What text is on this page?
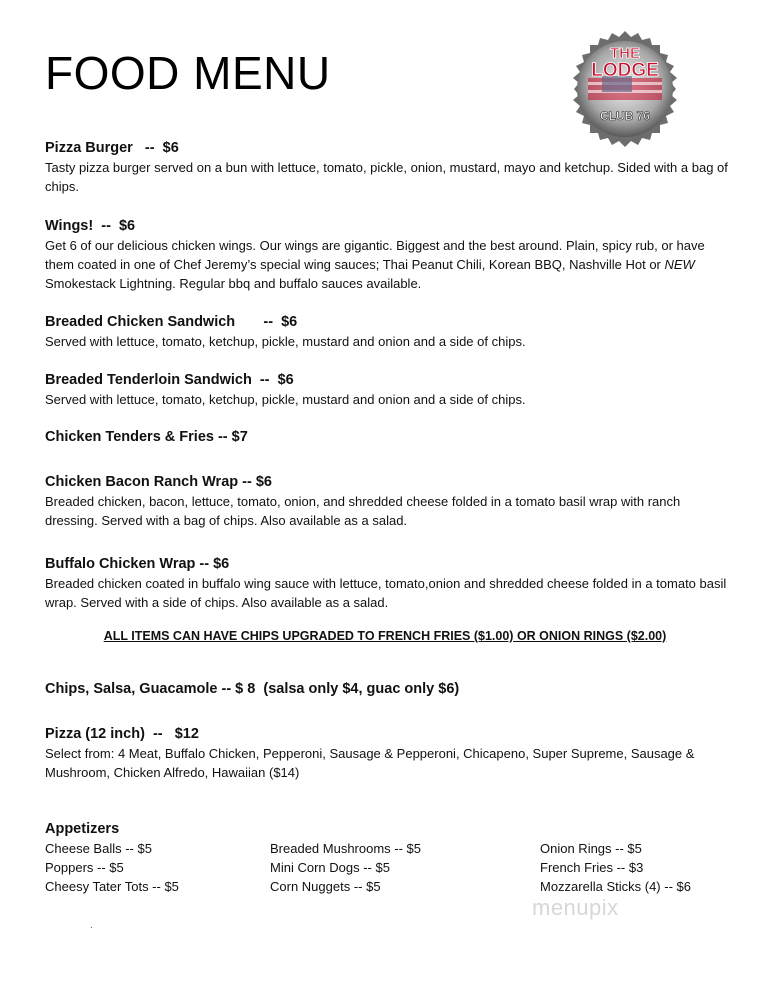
FOOD MENU	THE
LODGE
CLUB 76
Pizza Burger   --  $6
Tasty pizza burger served on a bun with lettuce, tomato, pickle, onion, mustard, mayo and ketchup. Sided with a bag of chips.
Wings!  --  $6
Get 6 of our delicious chicken wings. Our wings are gigantic. Biggest and the best around. Plain, spicy rub, or have them coated in one of Chef Jeremy’s special wing sauces; Thai Peanut Chili, Korean BBQ, Nashville Hot or NEW Smokestack Lightning. Regular bbq and buffalo sauces available.
Breaded Chicken Sandwich       --  $6
Served with lettuce, tomato, ketchup, pickle, mustard and onion and a side of chips.
Breaded Tenderloin Sandwich  --  $6
Served with lettuce, tomato, ketchup, pickle, mustard and onion and a side of chips.
Chicken Tenders & Fries -- $7
Chicken Bacon Ranch Wrap -- $6
Breaded chicken, bacon, lettuce, tomato, onion, and shredded cheese folded in a tomato basil wrap with ranch dressing. Served with a bag of chips. Also available as a salad.
Buffalo Chicken Wrap -- $6
Breaded chicken coated in buffalo wing sauce with lettuce, tomato,onion and shredded cheese folded in a tomato basil wrap. Served with a side of chips. Also available as a salad.
ALL ITEMS CAN HAVE CHIPS UPGRADED TO FRENCH FRIES ($1.00) OR ONION RINGS ($2.00)
Chips, Salsa, Guacamole -- $ 8  (salsa only $4, guac only $6)
Pizza (12 inch)  --   $12
Select from: 4 Meat, Buffalo Chicken, Pepperoni, Sausage & Pepperoni, Chicapeno, Super Supreme, Sausage & Mushroom, Chicken Alfredo, Hawaiian ($14)
Appetizers
Cheese Balls -- $5
Poppers -- $5
Cheesy Tater Tots -- $5
Breaded Mushrooms -- $5
Mini Corn Dogs -- $5
Corn Nuggets -- $5
Onion Rings -- $5
French Fries -- $3
Mozzarella Sticks (4) -- $6
menupix
.
